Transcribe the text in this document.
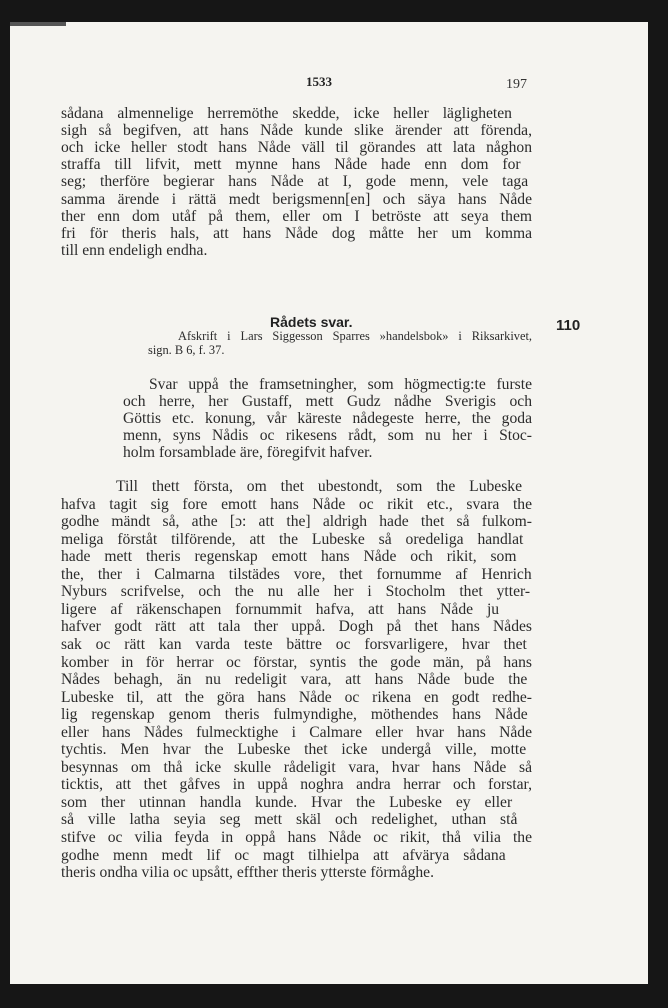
1533	197

sådana almennelige herremöthe skedde, icke heller lägligheten

sigh så begifven, att hans Nåde kunde slike ärender att förenda,

och icke heller stodt hans Nåde väll til görandes att lata någhon

straffa till lifvit, mett mynne hans Nåde hade enn dom for

seg; therföre begierar hans Nåde at I, gode menn, vele taga

samma ärende i rättä medt berigsmenn[en] och säya hans Nåde

ther enn dom utåf på them, eller om I betröste att seya them

fri för theris hals, att hans Nåde dog måtte her um komma

till enn endeligh endha.

Rådets svar.	110

Afskrift i Lars Siggesson Sparres »handelsbok» i Riksarkivet,

sign. B 6, f. 37.

Svar uppå the framsetningher, som högmectig:te furste

och herre, her Gustaff, mett Gudz nådhe Sverigis och

Göttis etc. konung, vår käreste nådegeste herre, the goda

menn, syns Nådis oc rikesens rådt, som nu her i Stoc-

holm forsamblade äre, föregifvit hafver.

Till thett första, om thet ubestondt, som the Lubeske

hafva tagit sig fore emott hans Nåde oc rikit etc., svara the

godhe mändt så, athe [ɔ: att the] aldrigh hade thet så fulkom-

meliga förståt tilförende, att the Lubeske så oredeliga handlat

hade mett theris regenskap emott hans Nåde och rikit, som

the, ther i Calmarna tilstädes vore, thet fornumme af Henrich

Nyburs scrifvelse, och the nu alle her i Stocholm thet ytter-

ligere af räkenschapen fornummit hafva, att hans Nåde ju

hafver godt rätt att tala ther uppå. Dogh på thet hans Nådes

sak oc rätt kan varda teste bättre oc forsvarligere, hvar thet

komber in för herrar oc förstar, syntis the gode män, på hans

Nådes behagh, än nu redeligit vara, att hans Nåde bude the

Lubeske til, att the göra hans Nåde oc rikena en godt redhe-

lig regenskap genom theris fulmyndighe, möthendes hans Nåde

eller hans Nådes fulmecktighe i Calmare eller hvar hans Nåde

tychtis. Men hvar the Lubeske thet icke undergå ville, motte

besynnas om thå icke skulle rådeligit vara, hvar hans Nåde så

ticktis, att thet gåfves in uppå noghra andra herrar och forstar,

som ther utinnan handla kunde. Hvar the Lubeske ey eller

så ville latha seyia seg mett skäl och redelighet, uthan stå

stifve oc vilia feyda in oppå hans Nåde oc rikit, thå vilia the

godhe menn medt lif oc magt tilhielpa att afvärya sådana

theris ondha vilia oc upsått, effther theris ytterste förmåghe.
